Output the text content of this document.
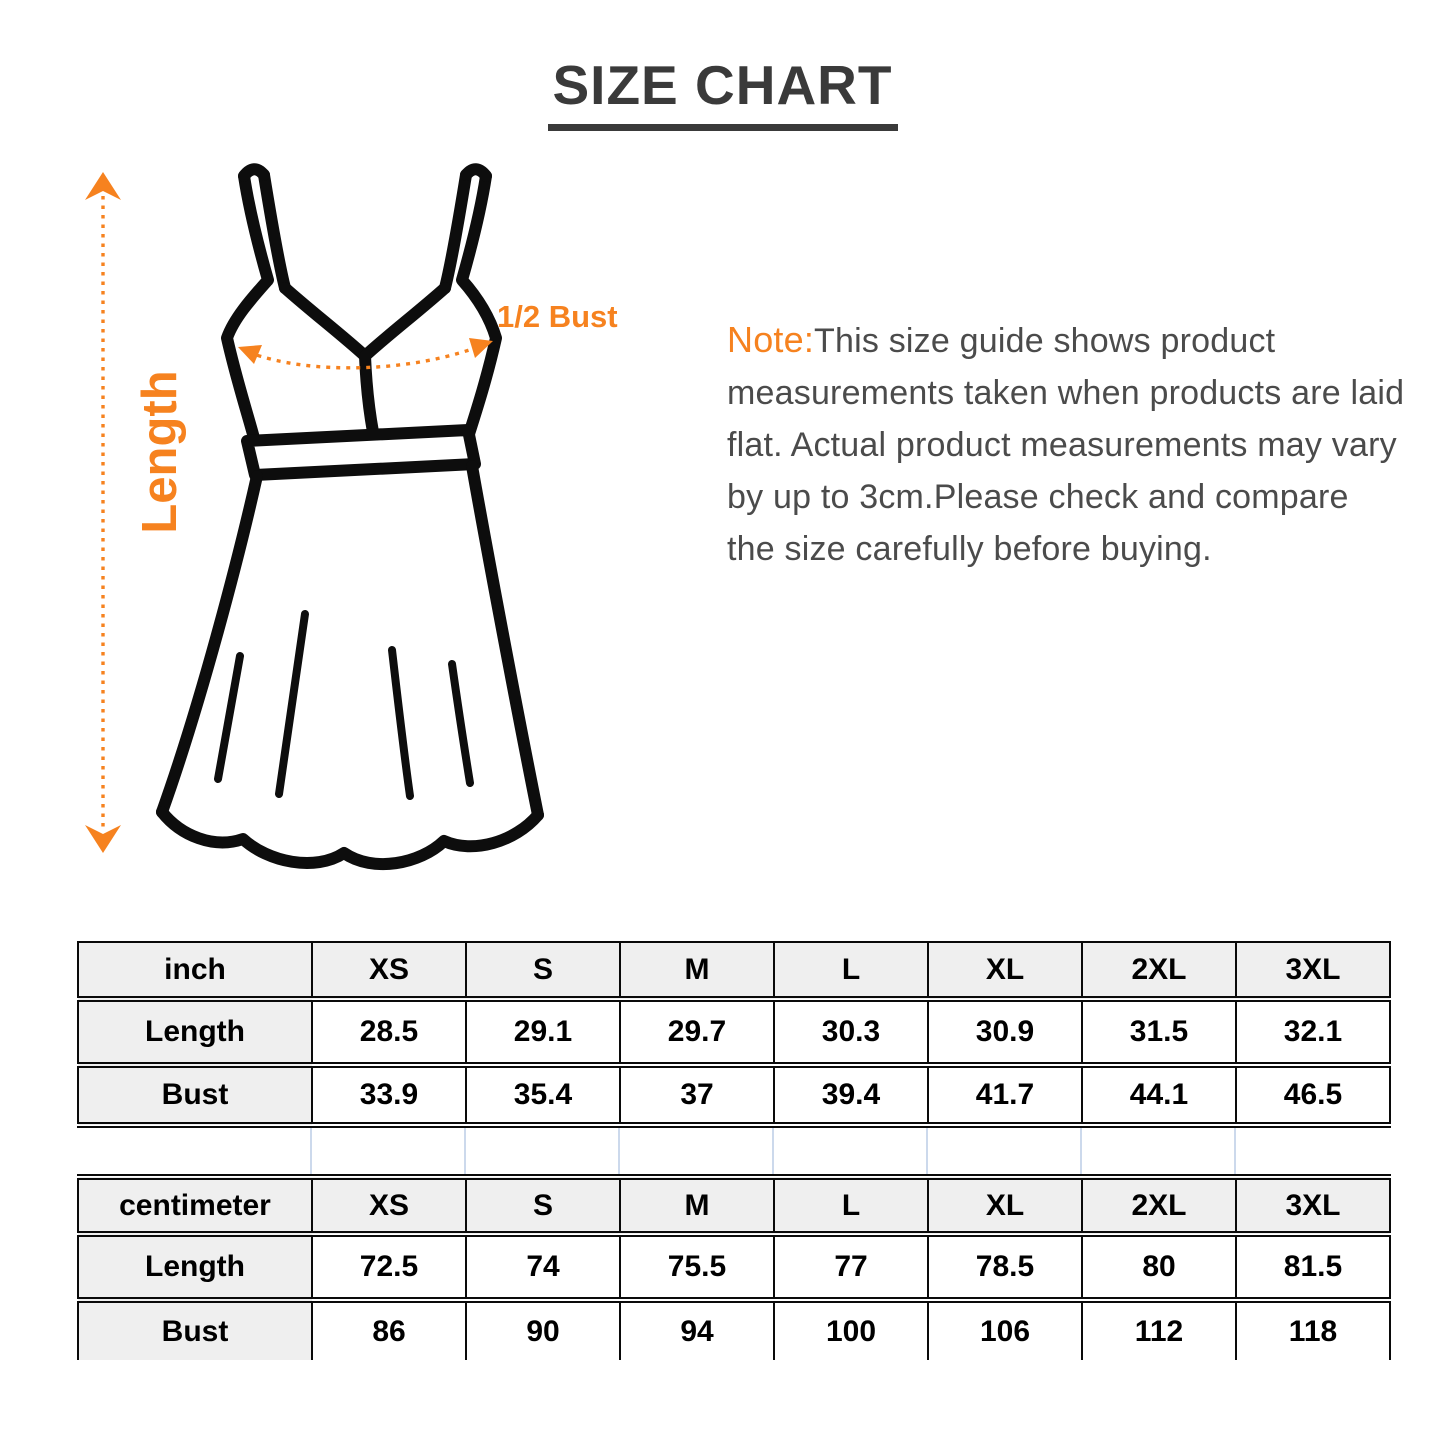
SIZE CHART
Length
1/2 Bust

Note:This size guide shows product measurements taken when products are laid flat. Actual product measurements may vary by up to 3cm.Please check and compare the size carefully before buying.

inch	XS	S	M	L	XL	2XL	3XL
Length	28.5	29.1	29.7	30.3	30.9	31.5	32.1
Bust	33.9	35.4	37	39.4	41.7	44.1	46.5
centimeter	XS	S	M	L	XL	2XL	3XL
Length	72.5	74	75.5	77	78.5	80	81.5
Bust	86	90	94	100	106	112	118
